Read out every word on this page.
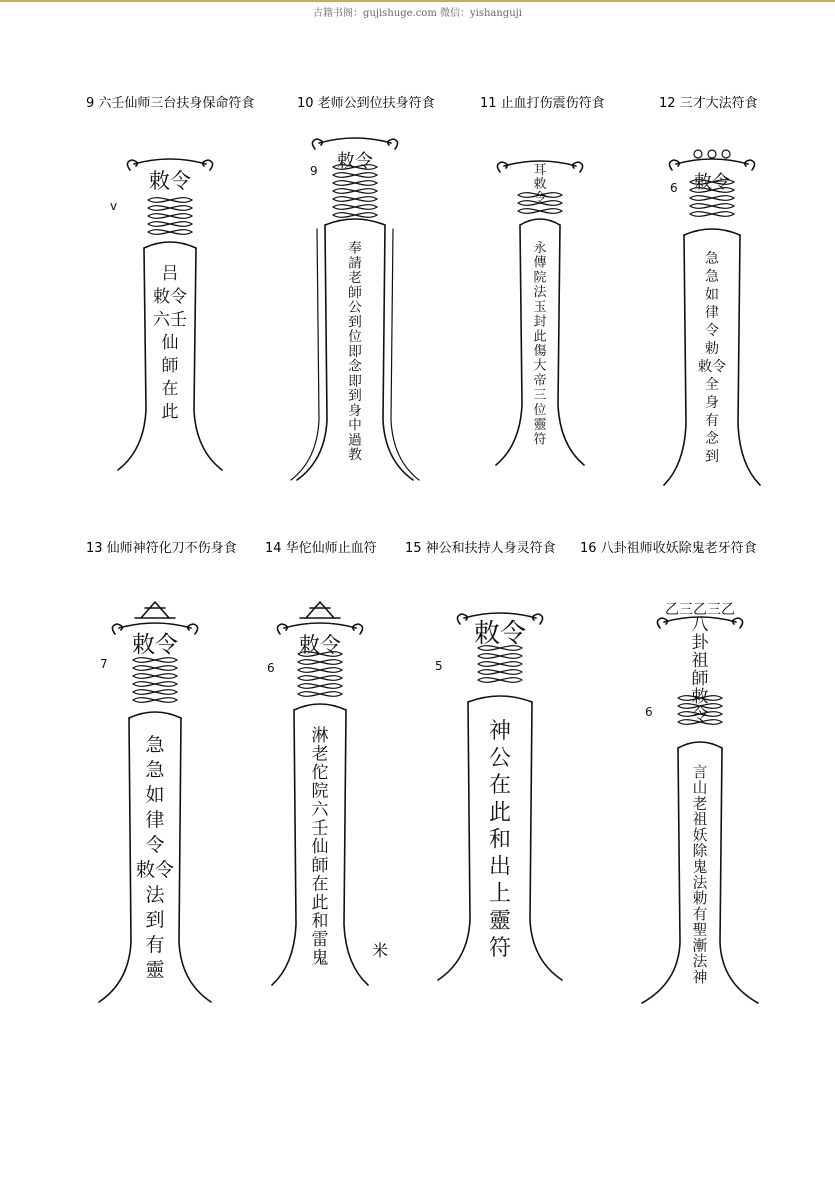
古籍书阁：gujishuge.com 微信：yishanguji
9 六壬仙师三台扶身保命符食	10 老师公到位扶身符食	11 止血打伤震伤符食	12 三才大法符食
13 仙师神符化刀不伤身食 14 华佗仙师止血符 15 神公和扶持人身灵符食 16 八卦祖师收妖除鬼老牙符食
敕令
吕敕令六壬仙師在此
v
敕令
奉請老師公到位即念即到身中過教
9	耳敕令
永傳院法玉封此傷大帝三位靈符
敕令
急急如律令勅敕令全身有念到
6
敕令
急急如律令敕令法到有靈
7
敕令
淋老佗院六壬仙師在此和雷鬼
6
敕令
神公在此和出上靈符
5
八卦祖師敕令
乙三乙三乙
言山老祖妖除鬼法勅有聖漸法神
6
米
